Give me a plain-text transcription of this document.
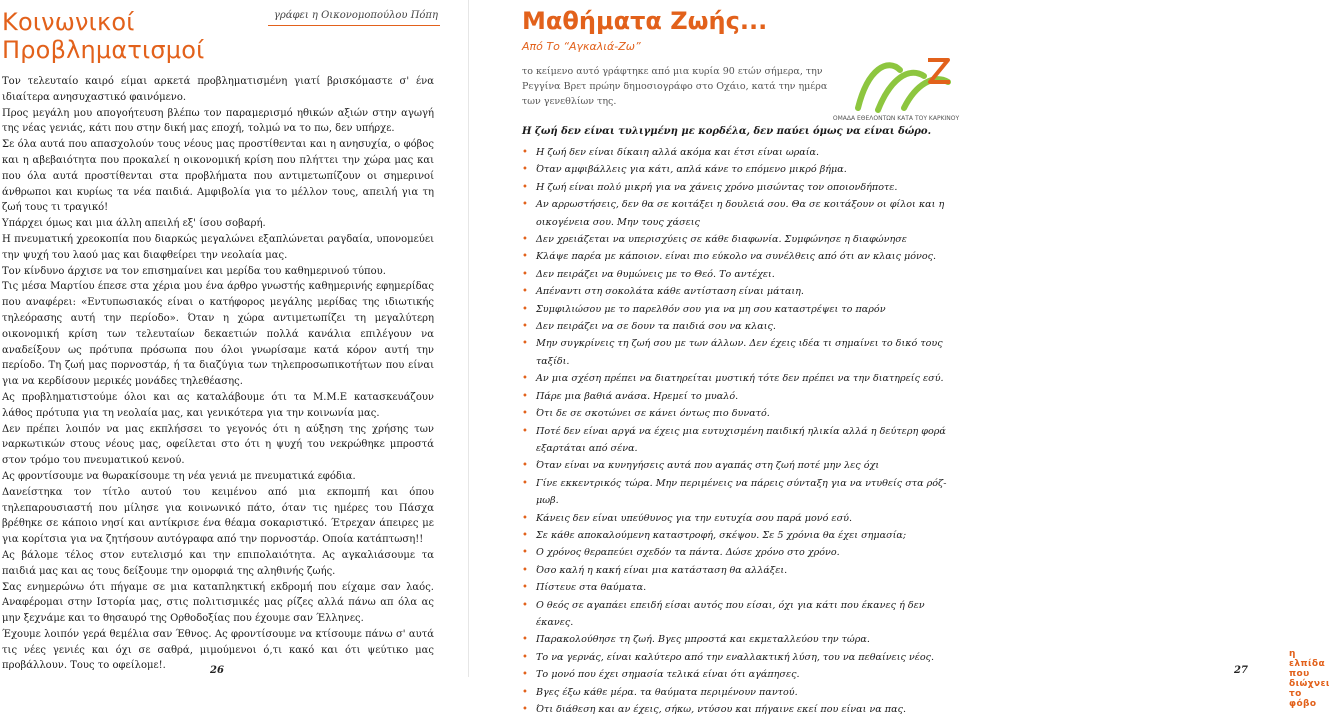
Κοινωνικοί
Προβληματισμοί
γράφει η Οικονομοπούλου Πόπη

Τον τελευταίο καιρό είμαι αρκετά προβληματισμένη γιατί βρισκόμαστε σ' ένα ιδιαίτερα ανησυχαστικό φαινόμενο.

Προς μεγάλη μου απογοήτευση βλέπω τον παραμερισμό ηθικών αξιών στην αγωγή της νέας γενιάς, κάτι που στην δική μας εποχή, τολμώ να το πω, δεν υπήρχε.

Σε όλα αυτά που απασχολούν τους νέους μας προστίθενται και η ανησυχία, ο φόβος και η αβεβαιότητα που προκαλεί η οικονομική κρίση που πλήττει την χώρα μας και που όλα αυτά προστίθενται στα προβλήματα που αντιμετωπίζουν οι σημερινοί άνθρωποι και κυρίως τα νέα παιδιά. Αμφιβολία για το μέλλον τους, απειλή για τη ζωή τους τι τραγικό!

Υπάρχει όμως και μια άλλη απειλή εξ' ίσου σοβαρή.

Η πνευματική χρεοκοπία που διαρκώς μεγαλώνει εξαπλώνεται ραγδαία, υπονομεύει την ψυχή του λαού μας και διαφθείρει την νεολαία μας.

Τον κίνδυνο άρχισε να τον επισημαίνει και μερίδα του καθημερινού τύπου.

Τις μέσα Μαρτίου έπεσε στα χέρια μου ένα άρθρο γνωστής καθημερινής εφημερίδας που αναφέρει: «Εντυπωσιακός είναι ο κατήφορος μεγάλης μερίδας της ιδιωτικής τηλεόρασης αυτή την περίοδο». Όταν η χώρα αντιμετωπίζει τη μεγαλύτερη οικονομική κρίση των τελευταίων δεκαετιών πολλά κανάλια επιλέγουν να αναδείξουν ως πρότυπα πρόσωπα που όλοι γνωρίσαμε κατά κόρον αυτή την περίοδο. Τη ζωή μας πορνοστάρ, ή τα διαζύγια των τηλεπροσωπικοτήτων που είναι για να κερδίσουν μερικές μονάδες τηλεθέασης.

Ας προβληματιστούμε όλοι και ας καταλάβουμε ότι τα Μ.Μ.Ε κατασκευάζουν λάθος πρότυπα για τη νεολαία μας, και γενικότερα για την κοινωνία μας.

Δεν πρέπει λοιπόν να μας εκπλήσσει το γεγονός ότι η αύξηση της χρήσης των ναρκωτικών στους νέους μας, οφείλεται στο ότι η ψυχή του νεκρώθηκε μπροστά στον τρόμο του πνευματικού κενού.

Ας φροντίσουμε να θωρακίσουμε τη νέα γενιά με πνευματικά εφόδια.

Δανείστηκα τον τίτλο αυτού του κειμένου από μια εκπομπή και όπου τηλεπαρουσιαστή που μίλησε για κοινωνικό πάτο, όταν τις ημέρες του Πάσχα βρέθηκε σε κάποιο νησί και αντίκρισε ένα θέαμα σοκαριστικό. Έτρεχαν άπειρες με για κορίτσια για να ζητήσουν αυτόγραφα από την πορνοστάρ. Οποία κατάπτωση!!

Ας βάλομε τέλος στον ευτελισμό και την επιπολαιότητα. Ας αγκαλιάσουμε τα παιδιά μας και ας τους δείξουμε την ομορφιά της αληθινής ζωής.

Σας ενημερώνω ότι πήγαμε σε μια καταπληκτική εκδρομή που είχαμε σαν λαός. Αναφέρομαι στην Ιστορία μας, στις πολιτισμικές μας ρίζες αλλά πάνω απ όλα ας μην ξεχνάμε και το θησαυρό της Ορθοδοξίας που έχουμε σαν Έλληνες.

Έχουμε λοιπόν γερά θεμέλια σαν Έθνος. Ας φροντίσουμε να κτίσουμε πάνω σ' αυτά τις νέες γενιές και όχι σε σαθρά, μιμούμενοι ό,τι κακό και ότι ψεύτικο μας προβάλλουν. Τους το οφείλομε!.	26
Μαθήματα Ζωής...
Από Το “Αγκαλιά-Ζω”
το κείμενο αυτό γράφτηκε από μια κυρία 90 ετών σήμερα, την Ρεγγίνα Βρετ πρώην δημοσιογράφο στο Οχάιο, κατά την ημέρα των γενεθλίων της.
ΟΜΑΔΑ ΕΘΕΛΟΝΤΩΝ ΚΑΤΑ ΤΟΥ ΚΑΡΚΙΝΟΥ
Η ζωή δεν είναι τυλιγμένη με κορδέλα, δεν παύει όμως να είναι δώρο.
• Η ζωή δεν είναι δίκαιη αλλά ακόμα και έτσι είναι ωραία.
• Όταν αμφιβάλλεις για κάτι, απλά κάνε το επόμενο μικρό βήμα.
• Η ζωή είναι πολύ μικρή για να χάνεις χρόνο μισώντας τον οποιονδήποτε.
• Αν αρρωστήσεις, δεν θα σε κοιτάξει η δουλειά σου. Θα σε κοιτάξουν οι φίλοι και η οικογένεια σου. Μην τους χάσεις
• Δεν χρειάζεται να υπερισχύεις σε κάθε διαφωνία. Συμφώνησε η διαφώνησε
• Κλάψε παρέα με κάποιον. είναι πιο εύκολο να συνέλθεις από ότι αν κλαις μόνος.
• Δεν πειράζει να θυμώνεις με το Θεό. Το αντέχει.
• Απέναντι στη σοκολάτα κάθε αντίσταση είναι μάταιη.
• Συμφιλιώσου με το παρελθόν σου για να μη σου καταστρέψει το παρόν
• Δεν πειράζει να σε δουν τα παιδιά σου να κλαις.
• Μην συγκρίνεις τη ζωή σου με των άλλων. Δεν έχεις ιδέα τι σημαίνει το δικό τους ταξίδι.
• Αν μια σχέση πρέπει να διατηρείται μυστική τότε δεν πρέπει να την διατηρείς εσύ.
• Πάρε μια βαθιά ανάσα. Ηρεμεί το μυαλό.
• Ότι δε σε σκοτώνει σε κάνει όντως πιο δυνατό.
• Ποτέ δεν είναι αργά να έχεις μια ευτυχισμένη παιδική ηλικία αλλά η δεύτερη φορά εξαρτάται από σένα.
• Όταν είναι να κυνηγήσεις αυτά που αγαπάς στη ζωή ποτέ μην λες όχι
• Γίνε εκκεντρικός τώρα. Μην περιμένεις να πάρεις σύνταξη για να ντυθείς στα ρόζ- μωβ.
• Κάνεις δεν είναι υπεύθυνος για την ευτυχία σου παρά μονό εσύ.
• Σε κάθε αποκαλούμενη καταστροφή, σκέψου. Σε 5 χρόνια θα έχει σημασία;
• Ο χρόνος θεραπεύει σχεδόν τα πάντα. Δώσε χρόνο στο χρόνο.
• Όσο καλή η κακή είναι μια κατάσταση θα αλλάξει.
• Πίστευε στα θαύματα.
• Ο θεός σε αγαπάει επειδή είσαι αυτός που είσαι, όχι για κάτι που έκανες ή δεν έκανες.
• Παρακολούθησε τη ζωή. Βγες μπροστά και εκμεταλλεύου την τώρα.
• Το να γερνάς, είναι καλύτερο από την εναλλακτική λύση, του να πεθαίνεις νέος.
• Το μονό που έχει σημασία τελικά είναι ότι αγάπησες.
• Βγες έξω κάθε μέρα. τα θαύματα περιμένουν παντού.
• Ότι διάθεση και αν έχεις, σήκω, ντύσου και πήγαινε εκεί που είναι να πας.
η ελπίδα που διώχνει το φόβο
27
